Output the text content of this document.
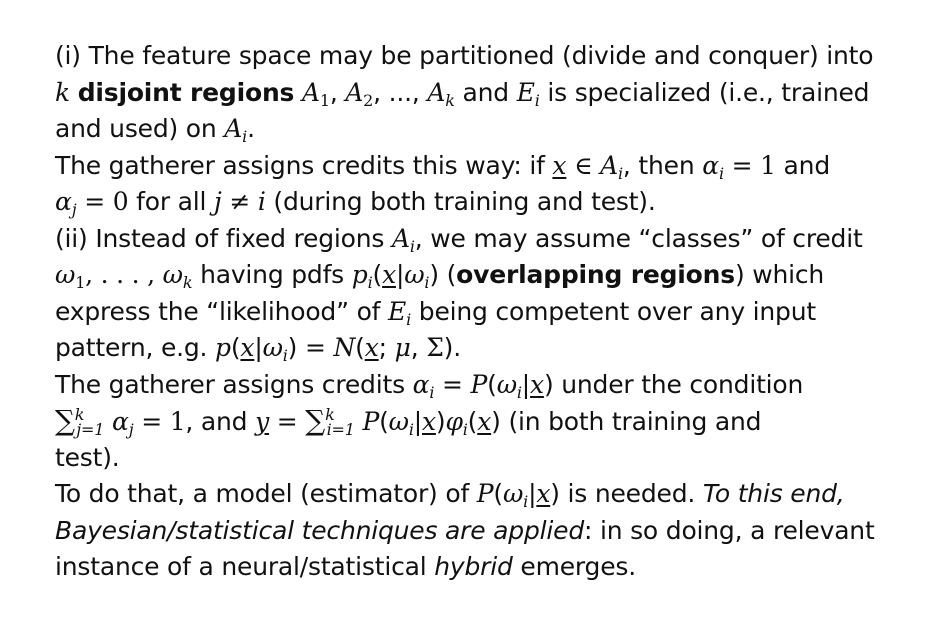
(i) The feature space may be partitioned (divide and conquer) into
k disjoint regions $A_1$, $A_2$, ..., $A_k$ and $E_i$ is specialized (i.e., trained
and used) on $A_i$.
The gatherer assigns credits this way: if x ∈ $A_i$, then $\alpha_i = 1$ and
$\alpha_j = 0$ for all j ≠ i (during both training and test).
(ii) Instead of fixed regions $A_i$, we may assume “classes” of credit
$\omega_1$, . . . , $\omega_k$ having pdfs $p_i(x|\omega_i)$ (overlapping regions) which
express the “likelihood” of $E_i$ being competent over any input
pattern, e.g. $p(x|\omega_i) = N(x$; μ, Σ).
The gatherer assigns credits $\alpha_i = P(\omega_i|x)$ under the condition
∑$^k_{j=1}$ $\alpha_j = 1$, and y = ∑$^k_{i=1}$ $P(\omega_i|x)\varphi_i(x)$ (in both training and
test).
To do that, a model (estimator) of $P(\omega_i|x)$ is needed. To this end,
Bayesian/statistical techniques are applied: in so doing, a relevant
instance of a neural/statistical hybrid emerges.
